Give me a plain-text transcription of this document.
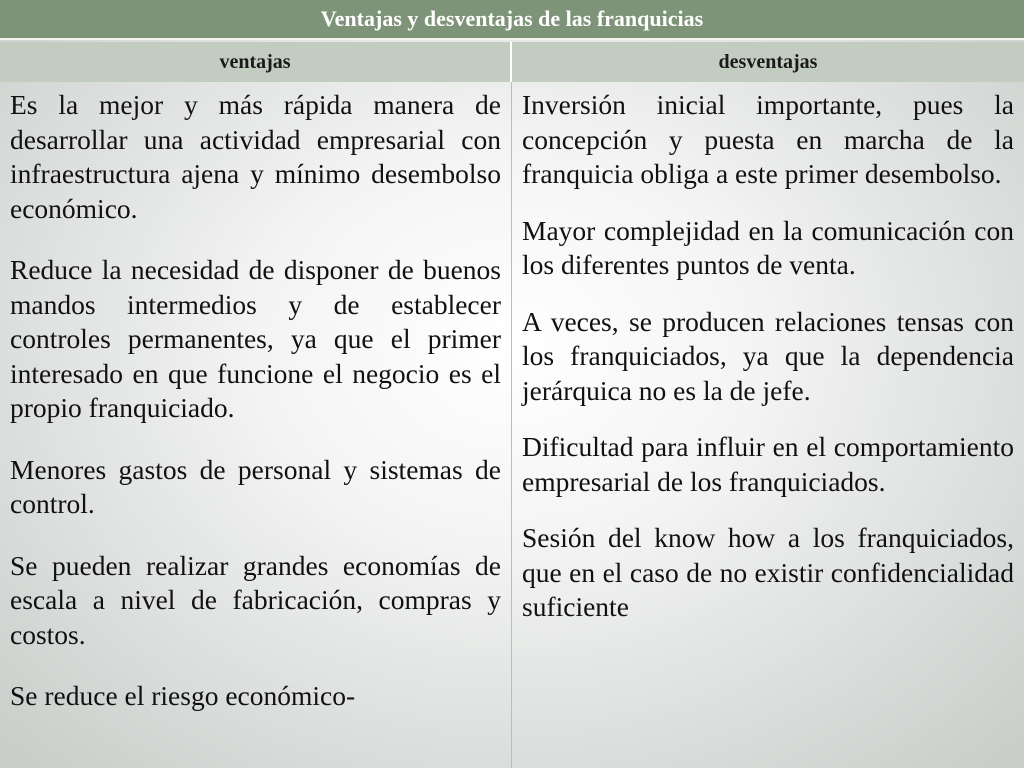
Ventajas y desventajas de las franquicias
ventajas	desventajas

Es la mejor y más rápida manera de desarrollar una actividad empresarial con infraestructura ajena y mínimo desembolso económico.

Reduce la necesidad de disponer de buenos mandos intermedios y de establecer controles permanentes, ya que el primer interesado en que funcione el negocio es el propio franquiciado.

Menores gastos de personal y sistemas de control.

Se pueden realizar grandes economías de escala a nivel de fabricación, compras y costos.

Se reduce el riesgo económico-

Inversión inicial importante, pues la concepción y puesta en marcha de la franquicia obliga a este primer desembolso.

Mayor complejidad en la comunicación con los diferentes puntos de venta.

A veces, se producen relaciones tensas con los franquiciados, ya que la dependencia jerárquica no es la de jefe.

Dificultad para influir en el comportamiento empresarial de los franquiciados.

Sesión del know how a los franquiciados, que en el caso de no existir confidencialidad suficiente
